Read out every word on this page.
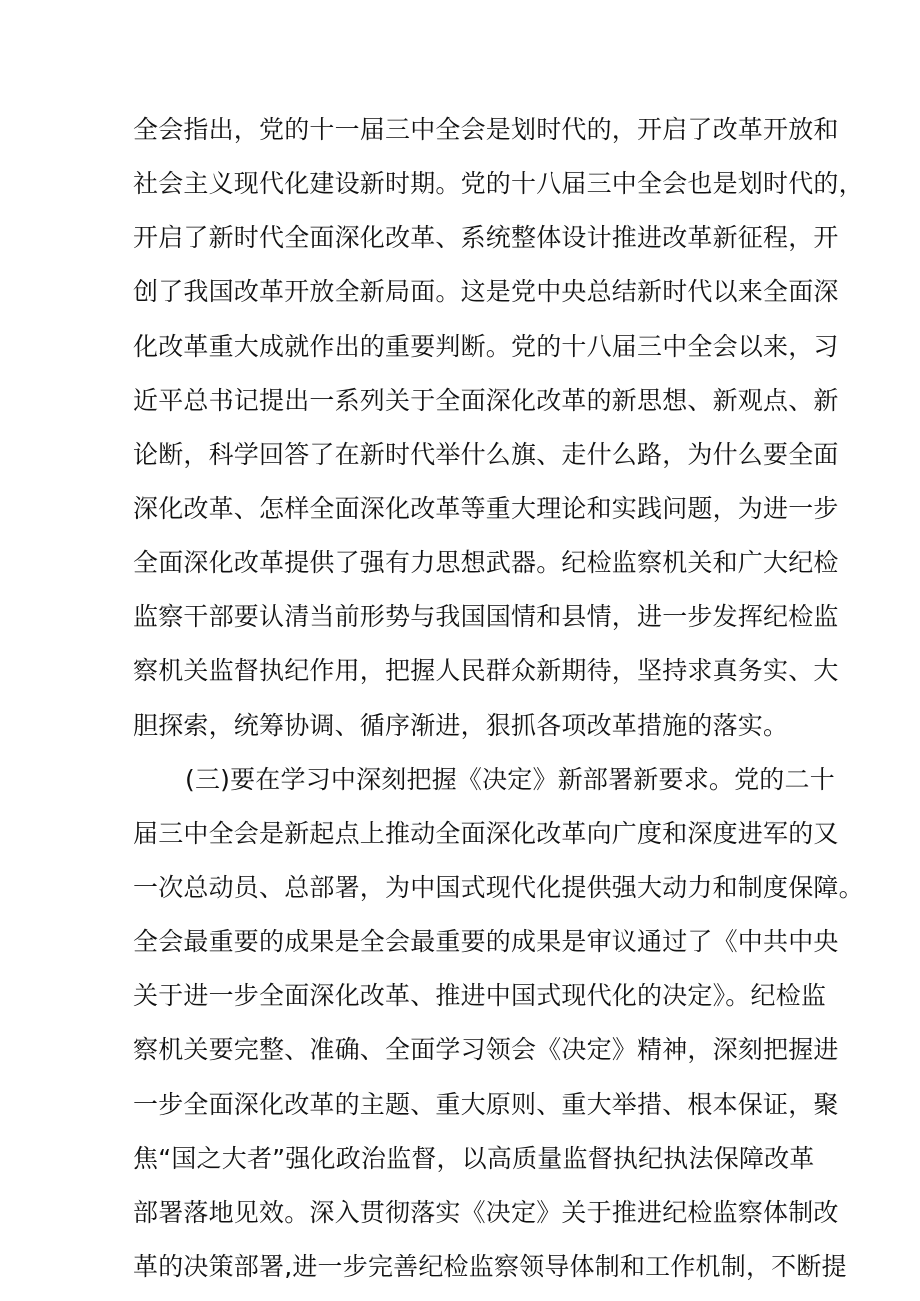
全会指出，党的十一届三中全会是划时代的，开启了改革开放和
社会主义现代化建设新时期。党的十八届三中全会也是划时代的，
开启了新时代全面深化改革、系统整体设计推进改革新征程，开
创了我国改革开放全新局面。这是党中央总结新时代以来全面深
化改革重大成就作出的重要判断。党的十八届三中全会以来，习
近平总书记提出一系列关于全面深化改革的新思想、新观点、新
论断，科学回答了在新时代举什么旗、走什么路，为什么要全面
深化改革、怎样全面深化改革等重大理论和实践问题，为进一步
全面深化改革提供了强有力思想武器。纪检监察机关和广大纪检
监察干部要认清当前形势与我国国情和县情，进一步发挥纪检监
察机关监督执纪作用，把握人民群众新期待，坚持求真务实、大
胆探索，统筹协调、循序渐进，狠抓各项改革措施的落实。
(三)要在学习中深刻把握《决定》新部署新要求。党的二十
届三中全会是新起点上推动全面深化改革向广度和深度进军的又
一次总动员、总部署，为中国式现代化提供强大动力和制度保障。
全会最重要的成果是全会最重要的成果是审议通过了《中共中央
关于进一步全面深化改革、推进中国式现代化的决定》。纪检监
察机关要完整、准确、全面学习领会《决定》精神，深刻把握进
一步全面深化改革的主题、重大原则、重大举措、根本保证，聚
焦“国之大者”强化政治监督，以高质量监督执纪执法保障改革
部署落地见效。深入贯彻落实《决定》关于推进纪检监察体制改
革的决策部署,进一步完善纪检监察领导体制和工作机制，不断提
